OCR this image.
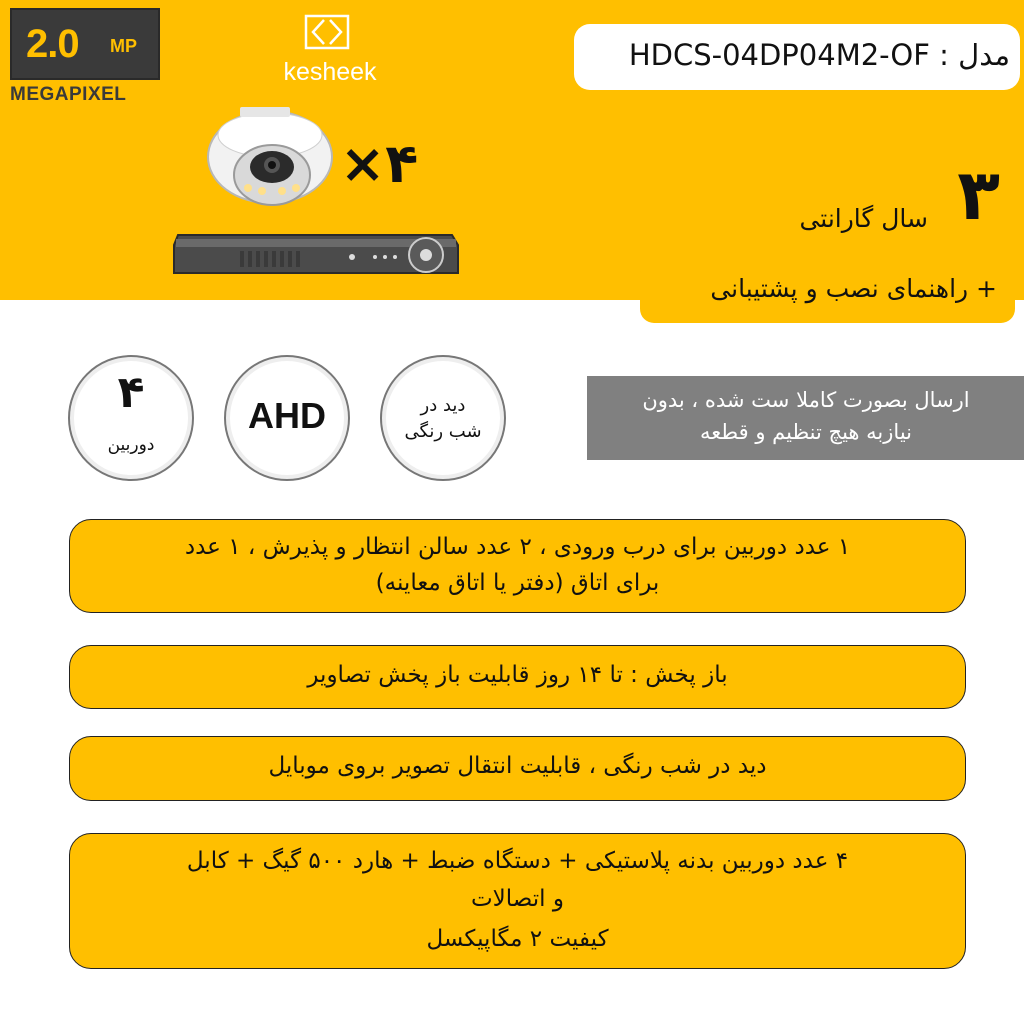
2.0 MP
MEGAPIXEL
kesheek
×۴
مدل : HDCS-04DP04M2-OF
۳
سال گارانتی
+ راهنمای نصب و پشتیبانی
۴
دوربین
AHD	دید در
شب رنگی
ارسال بصورت کاملا ست شده ، بدون
نیازبه هیچ تنظیم و قطعه
۱ عدد دوربین برای درب ورودی ، ۲ عدد سالن انتظار و پذیرش ، ۱ عدد
برای اتاق (دفتر یا اتاق معاینه)
باز پخش : تا ۱۴ روز قابلیت باز پخش تصاویر
دید در شب رنگی ، قابلیت انتقال تصویر بروی موبایل
۴ عدد دوربین بدنه پلاستیکی + دستگاه ضبط + هارد ۵۰۰ گیگ + کابل
و اتصالات
کیفیت ۲ مگاپیکسل
